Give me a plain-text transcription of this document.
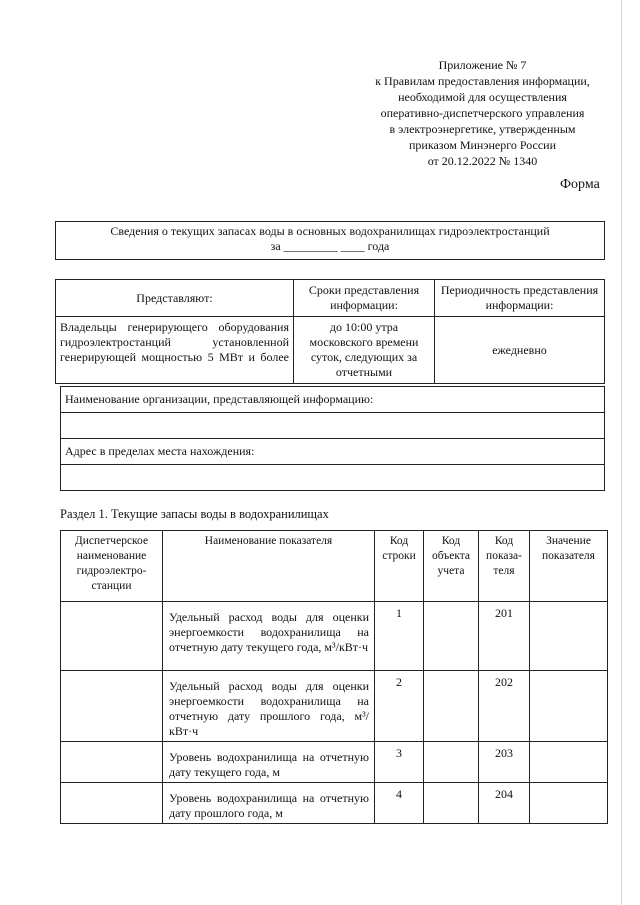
Приложение № 7
к Правилам предоставления информации,
необходимой для осуществления
оперативно-диспетчерского управления
в электроэнергетике, утвержденным
приказом Минэнерго России
от 20.12.2022 № 1340
Форма
Сведения о текущих запасах воды в основных водохранилищах гидроэлектростанций
за _________ ____ года
Представляют:	Сроки представления информации:	Периодичность представления информации:
Владельцы генерирующего оборудования гидроэлектростанций установленной генерирующей мощностью 5 МВт и более	до 10:00 утра московского времени суток, следующих за отчетными	ежедневно
Наименование организации, представляющей информацию:

Адрес в пределах места нахождения:

Раздел 1. Текущие запасы воды в водохранилищах
Диспетчерское наименование гидроэлектро-станции	Наименование показателя	Код строки	Код объекта учета	Код показа-теля	Значение показателя
	Удельный расход воды для оценки энергоемкости водохранилища на отчетную дату текущего года, м³/кВт·ч	1		201	
	Удельный расход воды для оценки энергоемкости водохранилища на отчетную дату прошлого года, м³/кВт·ч	2		202	
	Уровень водохранилища на отчетную дату текущего года, м	3		203	
	Уровень водохранилища на отчетную дату прошлого года, м	4		204	
